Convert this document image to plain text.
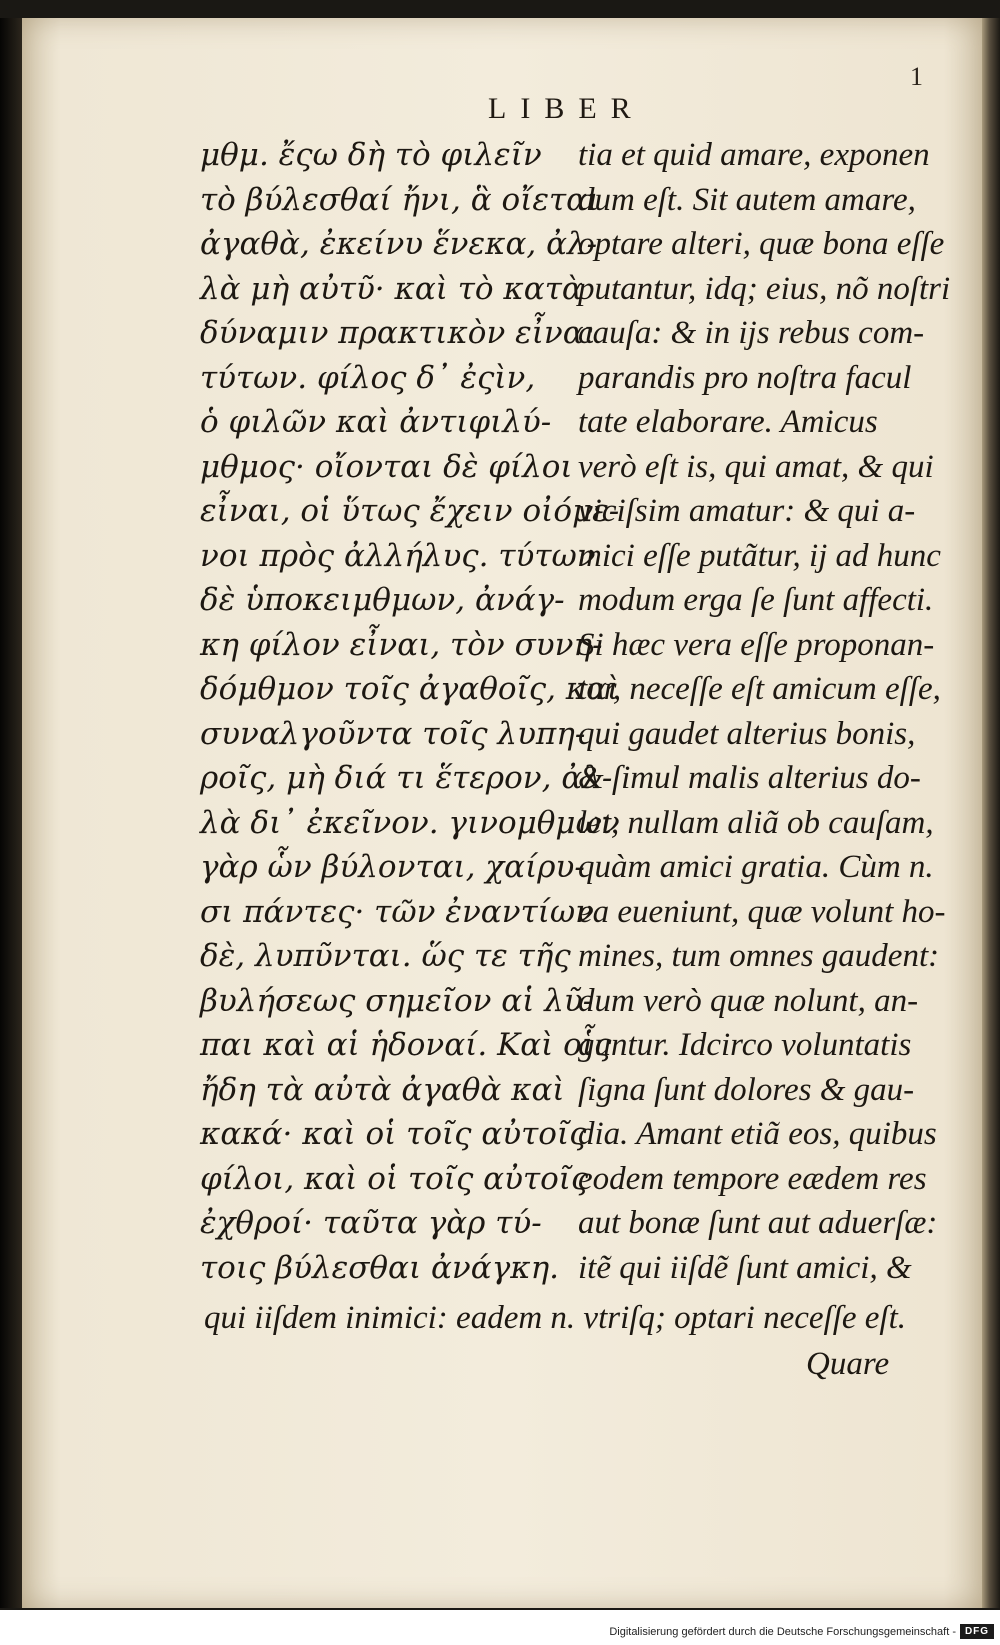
1
LIBER
μθμ. ἔςω δὴ τὸ φιλεῖν
τὸ βύλεσθαί ἤνι, ἃ οἴεται
ἀγαθὰ, ἐκείνυ ἕνεκα, ἀλ-
λὰ μὴ αὐτῦ· καὶ τὸ κατὰ
δύναμιν πρακτικὸν εἶναι
τύτων. φίλος δ᾽ ἐςὶν,
ὁ φιλῶν καὶ ἀντιφιλύ-
μθμος· οἴονται δὲ φίλοι
εἶναι, οἱ ὕτως ἔχειν οἰόμε-
νοι πρὸς ἀλλήλυς. τύτων
δὲ ὑποκειμθμων, ἀνάγ-
κη φίλον εἶναι, τὸν συνη-
δόμθμον τοῖς ἀγαθοῖς, καὶ
συναλγοῦντα τοῖς λυπη-
ροῖς, μὴ διά τι ἕτερον, ἀλ-
λὰ δι᾽ ἐκεῖνον. γινομθμων
γὰρ ὧν βύλονται, χαίρυ-
σι πάντες· τῶν ἐναντίων
δὲ, λυπῦνται. ὥς τε τῆς
βυλήσεως σημεῖον αἱ λῦ-
παι καὶ αἱ ἡδοναί. Καὶ οἷς
ἤδη τὰ αὐτὰ ἀγαθὰ καὶ
κακά· καὶ οἱ τοῖς αὐτοῖς
φίλοι, καὶ οἱ τοῖς αὐτοῖς
ἐχθροί· ταῦτα γὰρ τύ-
τοις βύλεσθαι ἀνάγκη.
tia et quid amare, exponen
dum eſt. Sit autem amare,
optare alteri, quæ bona eſſe
putantur, idq; eius, nõ noſtri
cauſa: & in ijs rebus com-
parandis pro noſtra facul
tate elaborare. Amicus
verò eſt is, qui amat, & qui
viciſsim amatur: & qui a-
mici eſſe putãtur, ij ad hunc
modum erga ſe ſunt affecti.
Si hæc vera eſſe proponan-
tur, neceſſe eſt amicum eſſe,
qui gaudet alterius bonis,
& ſimul malis alterius do-
let, nullam aliã ob cauſam,
quàm amici gratia. Cùm n.
ea eueniunt, quæ volunt ho-
mines, tum omnes gaudent:
dum verò quæ nolunt, an-
guntur. Idcirco voluntatis
ſigna ſunt dolores & gau-
dia. Amant etiã eos, quibus
eodem tempore eædem res
aut bonæ ſunt aut aduerſæ:
itẽ qui iiſdẽ ſunt amici, &
qui iiſdem inimici: eadem n. vtriſq; optari neceſſe eſt.
Quare
Digitalisierung gefördert durch die Deutsche Forschungsgemeinschaft - DFG
